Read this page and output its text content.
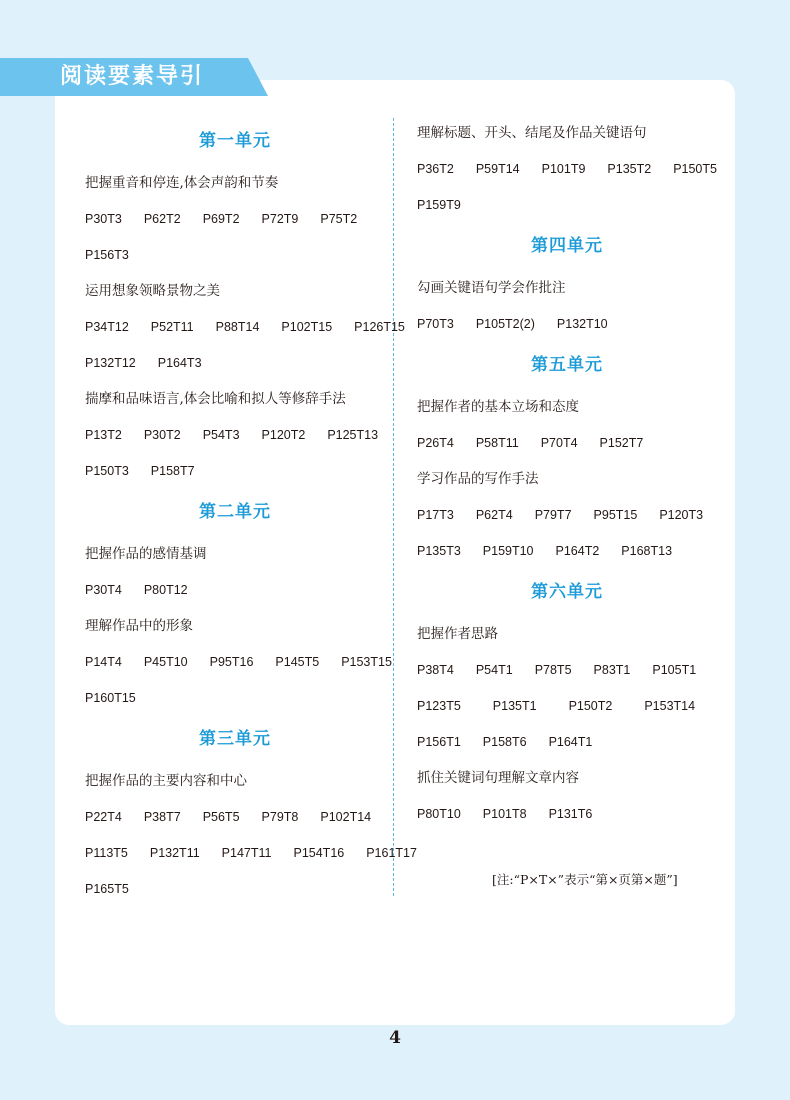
阅读要素导引
第一单元
把握重音和停连,体会声韵和节奏
P30T3 P62T2 P69T2 P72T9 P75T2
P156T3
运用想象领略景物之美
P34T12 P52T11 P88T14 P102T15 P126T15
P132T12 P164T3
揣摩和品味语言,体会比喻和拟人等修辞手法
P13T2 P30T2 P54T3 P120T2 P125T13
P150T3 P158T7
第二单元
把握作品的感情基调
P30T4 P80T12
理解作品中的形象
P14T4 P45T10 P95T16 P145T5 P153T15
P160T15
第三单元
把握作品的主要内容和中心
P22T4 P38T7 P56T5 P79T8 P102T14
P113T5 P132T11 P147T11 P154T16 P161T17
P165T5
理解标题、开头、结尾及作品关键语句
P36T2 P59T14 P101T9 P135T2 P150T5
P159T9
第四单元
勾画关键语句学会作批注
P70T3 P105T2(2) P132T10
第五单元
把握作者的基本立场和态度
P26T4 P58T11 P70T4 P152T7
学习作品的写作手法
P17T3 P62T4 P79T7 P95T15 P120T3
P135T3 P159T10 P164T2 P168T13
第六单元
把握作者思路
P38T4 P54T1 P78T5 P83T1 P105T1
P123T5	P135T1	P150T2	P153T14
P156T1 P158T6 P164T1
抓住关键词句理解文章内容
P80T10 P101T8 P131T6
[注:“P×T×”表示“第×页第×题”]
4
